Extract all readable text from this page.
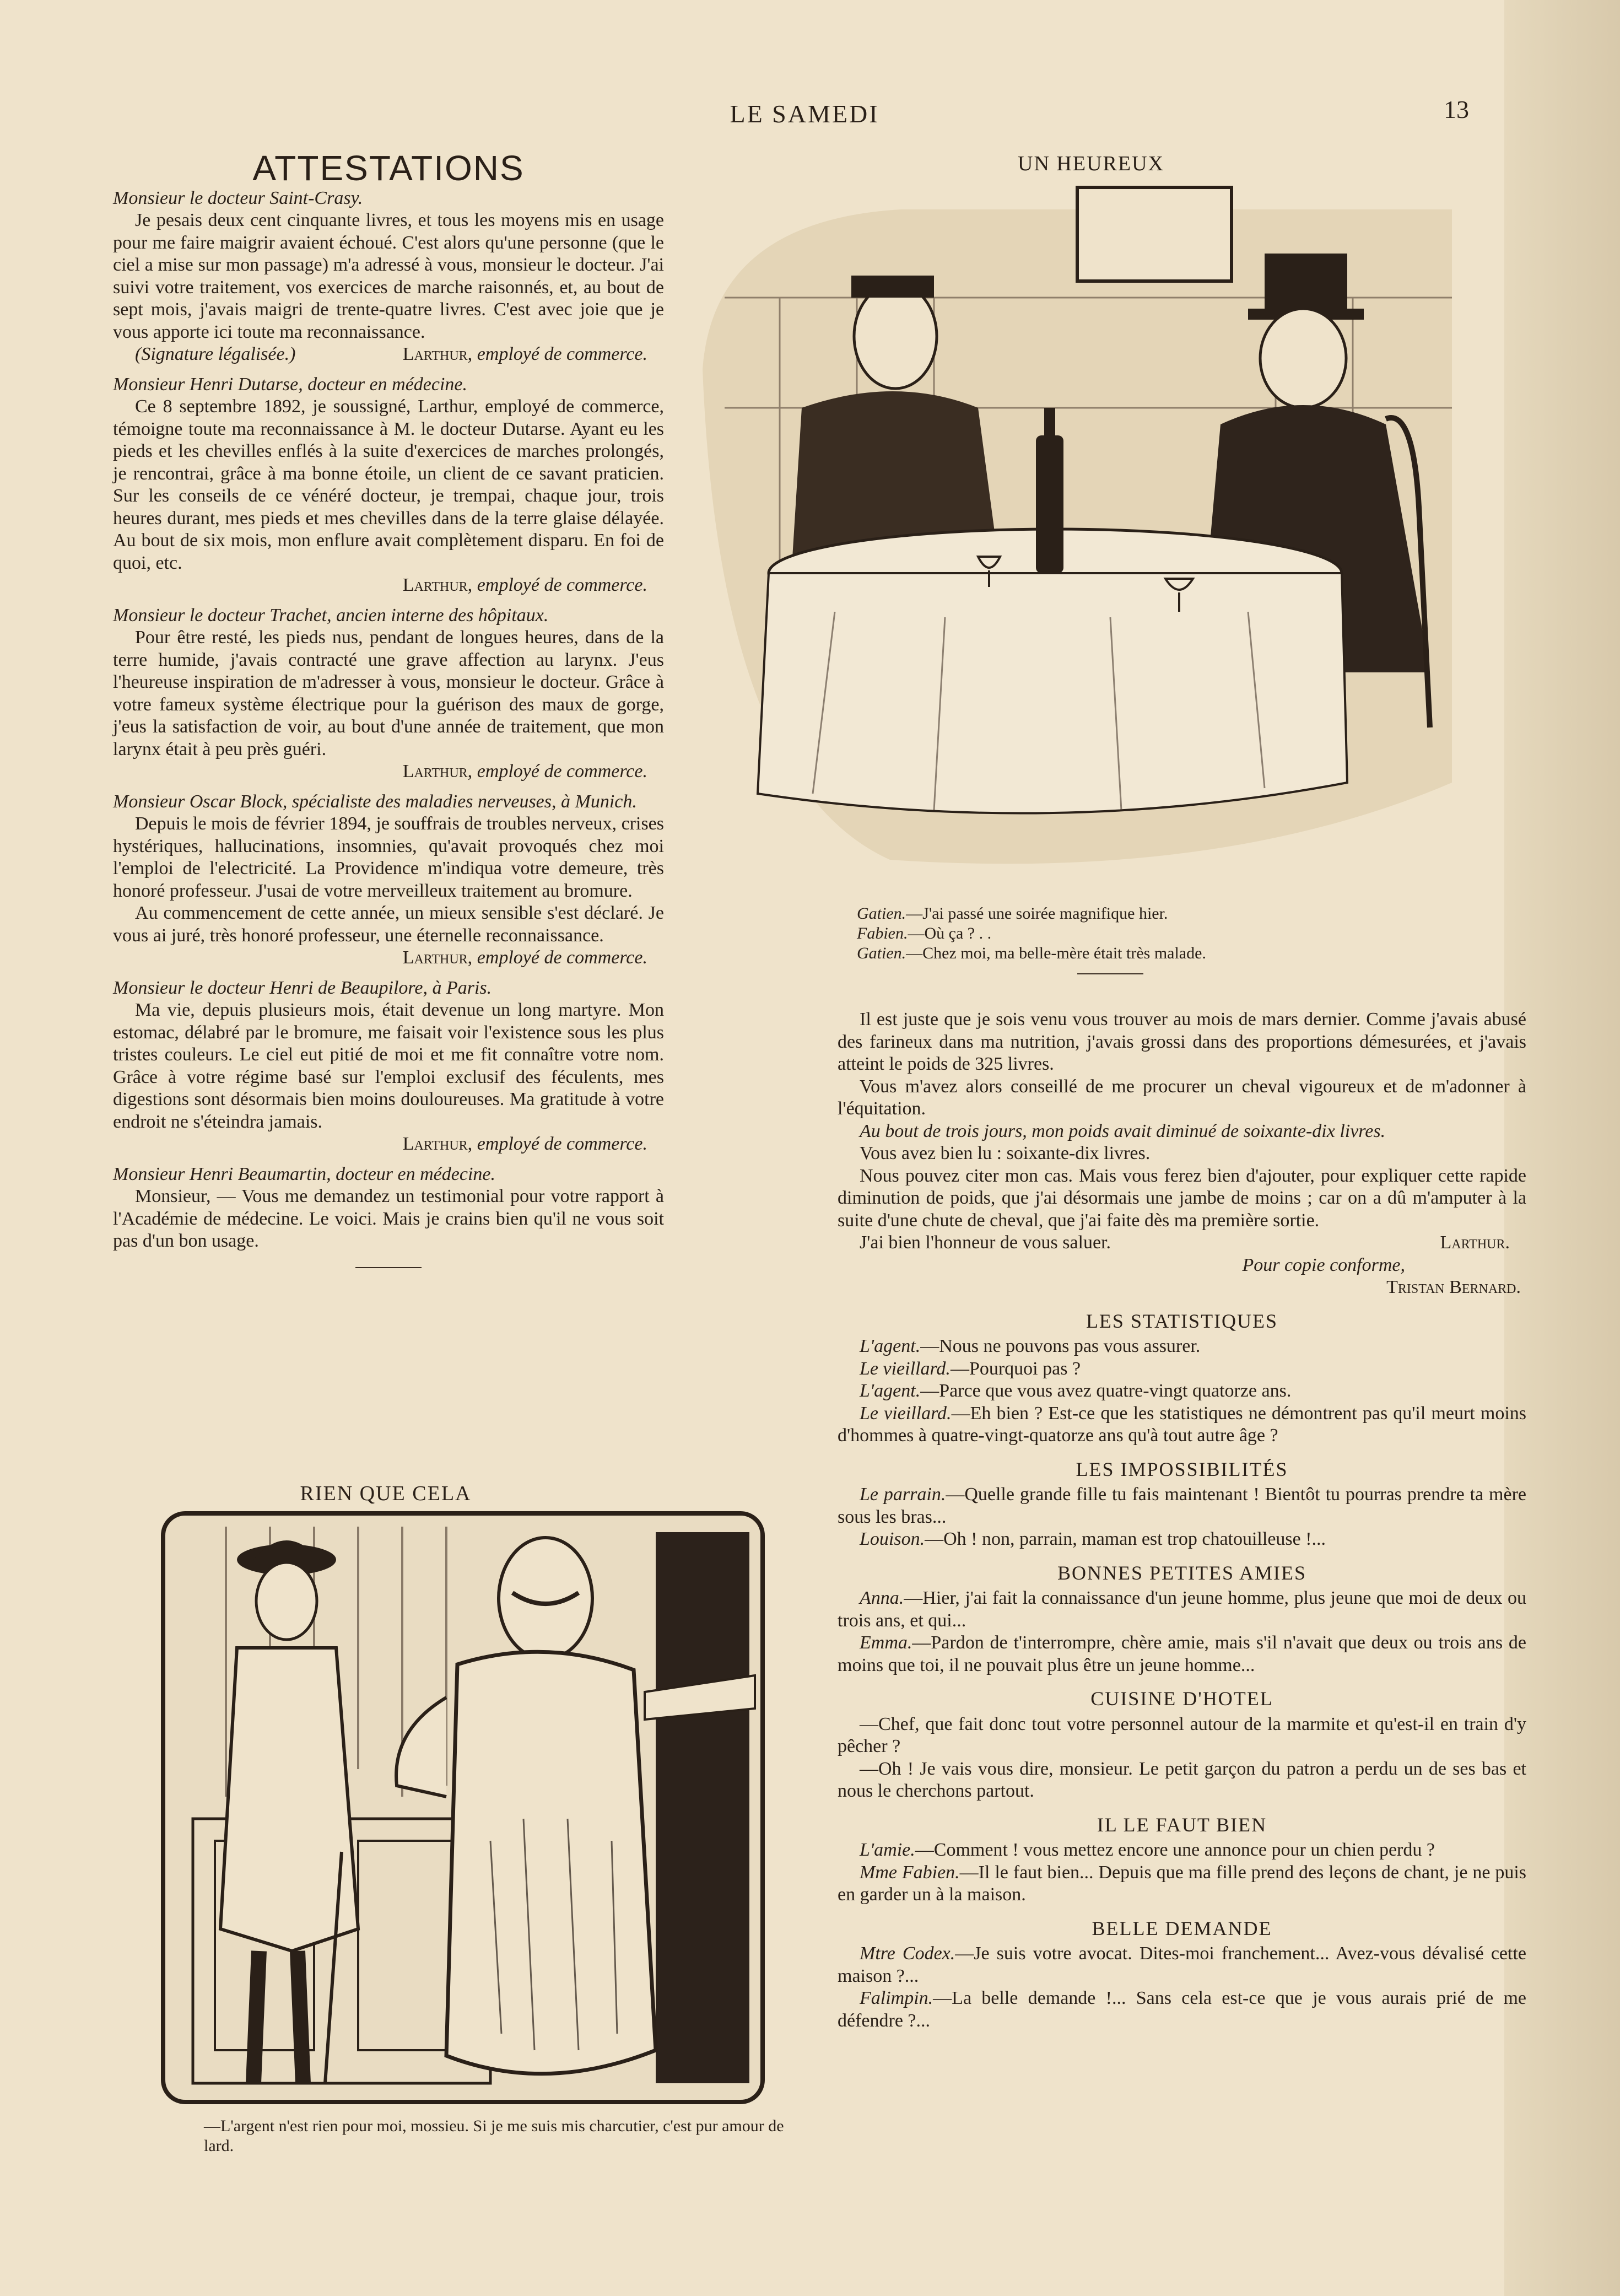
LE SAMEDI	13
ATTESTATIONS

Monsieur le docteur Saint-Crasy.

Je pesais deux cent cinquante livres, et tous les moyens mis en usage pour me faire maigrir avaient échoué. C'est alors qu'une personne (que le ciel a mise sur mon passage) m'a adressé à vous, monsieur le docteur. J'ai suivi votre traitement, vos exercices de marche raisonnés, et, au bout de sept mois, j'avais maigri de trente-quatre livres. C'est avec joie que je vous apporte ici toute ma reconnaissance.

(Signature légalisée.)	Larthur, employé de commerce.

Monsieur Henri Dutarse, docteur en médecine.

Ce 8 septembre 1892, je soussigné, Larthur, employé de commerce, témoigne toute ma reconnaissance à M. le docteur Dutarse. Ayant eu les pieds et les chevilles enflés à la suite d'exercices de marches prolongés, je rencontrai, grâce à ma bonne étoile, un client de ce savant praticien. Sur les conseils de ce vénéré docteur, je trempai, chaque jour, trois heures durant, mes pieds et mes chevilles dans de la terre glaise délayée. Au bout de six mois, mon enflure avait complètement disparu. En foi de quoi, etc.

Larthur, employé de commerce.

Monsieur le docteur Trachet, ancien interne des hôpitaux.

Pour être resté, les pieds nus, pendant de longues heures, dans de la terre humide, j'avais contracté une grave affection au larynx. J'eus l'heureuse inspiration de m'adresser à vous, monsieur le docteur. Grâce à votre fameux système électrique pour la guérison des maux de gorge, j'eus la satisfaction de voir, au bout d'une année de traitement, que mon larynx était à peu près guéri.

Larthur, employé de commerce.

Monsieur Oscar Block, spécialiste des maladies nerveuses, à Munich.

Depuis le mois de février 1894, je souffrais de troubles nerveux, crises hystériques, hallucinations, insomnies, qu'avait provoqués chez moi l'emploi de l'electricité. La Providence m'indiqua votre demeure, très honoré professeur. J'usai de votre merveilleux traitement au bromure.

Au commencement de cette année, un mieux sensible s'est déclaré. Je vous ai juré, très honoré professeur, une éternelle reconnaissance.

Larthur, employé de commerce.

Monsieur le docteur Henri de Beaupilore, à Paris.

Ma vie, depuis plusieurs mois, était devenue un long martyre. Mon estomac, délabré par le bromure, me faisait voir l'existence sous les plus tristes couleurs. Le ciel eut pitié de moi et me fit connaître votre nom. Grâce à votre régime basé sur l'emploi exclusif des féculents, mes digestions sont désormais bien moins douloureuses. Ma gratitude à votre endroit ne s'éteindra jamais.

Larthur, employé de commerce.

Monsieur Henri Beaumartin, docteur en médecine.

Monsieur, — Vous me demandez un testimonial pour votre rapport à l'Académie de médecine. Le voici. Mais je crains bien qu'il ne vous soit pas d'un bon usage.

RIEN QUE CELA
—L'argent n'est rien pour moi, mossieu. Si je me suis mis charcutier, c'est pur amour de lard.
UN HEUREUX

Gatien.—J'ai passé une soirée magnifique hier.

Fabien.—Où ça ? . .

Gatien.—Chez moi, ma belle-mère était très malade.

Il est juste que je sois venu vous trouver au mois de mars dernier. Comme j'avais abusé des farineux dans ma nutrition, j'avais grossi dans des proportions démesurées, et j'avais atteint le poids de 325 livres.

Vous m'avez alors conseillé de me procurer un cheval vigoureux et de m'adonner à l'équitation.

Au bout de trois jours, mon poids avait diminué de soixante-dix livres.

Vous avez bien lu : soixante-dix livres.

Nous pouvez citer mon cas. Mais vous ferez bien d'ajouter, pour expliquer cette rapide diminution de poids, que j'ai désormais une jambe de moins ; car on a dû m'amputer à la suite d'une chute de cheval, que j'ai faite dès ma première sortie.

J'ai bien l'honneur de vous saluer.	Larthur.

Pour copie conforme,

Tristan Bernard.

LES STATISTIQUES

L'agent.—Nous ne pouvons pas vous assurer.

Le vieillard.—Pourquoi pas ?

L'agent.—Parce que vous avez quatre-vingt quatorze ans.

Le vieillard.—Eh bien ? Est-ce que les statistiques ne démontrent pas qu'il meurt moins d'hommes à quatre-vingt-quatorze ans qu'à tout autre âge ?

LES IMPOSSIBILITÉS

Le parrain.—Quelle grande fille tu fais maintenant ! Bientôt tu pourras prendre ta mère sous les bras...

Louison.—Oh ! non, parrain, maman est trop chatouilleuse !...

BONNES PETITES AMIES

Anna.—Hier, j'ai fait la connaissance d'un jeune homme, plus jeune que moi de deux ou trois ans, et qui...

Emma.—Pardon de t'interrompre, chère amie, mais s'il n'avait que deux ou trois ans de moins que toi, il ne pouvait plus être un jeune homme...

CUISINE D'HOTEL

—Chef, que fait donc tout votre personnel autour de la marmite et qu'est-il en train d'y pêcher ?

—Oh ! Je vais vous dire, monsieur. Le petit garçon du patron a perdu un de ses bas et nous le cherchons partout.

IL LE FAUT BIEN

L'amie.—Comment ! vous mettez encore une annonce pour un chien perdu ?

Mme Fabien.—Il le faut bien... Depuis que ma fille prend des leçons de chant, je ne puis en garder un à la maison.

BELLE DEMANDE

Mtre Codex.—Je suis votre avocat. Dites-moi franchement... Avez-vous dévalisé cette maison ?...

Falimpin.—La belle demande !... Sans cela est-ce que je vous aurais prié de me défendre ?...
